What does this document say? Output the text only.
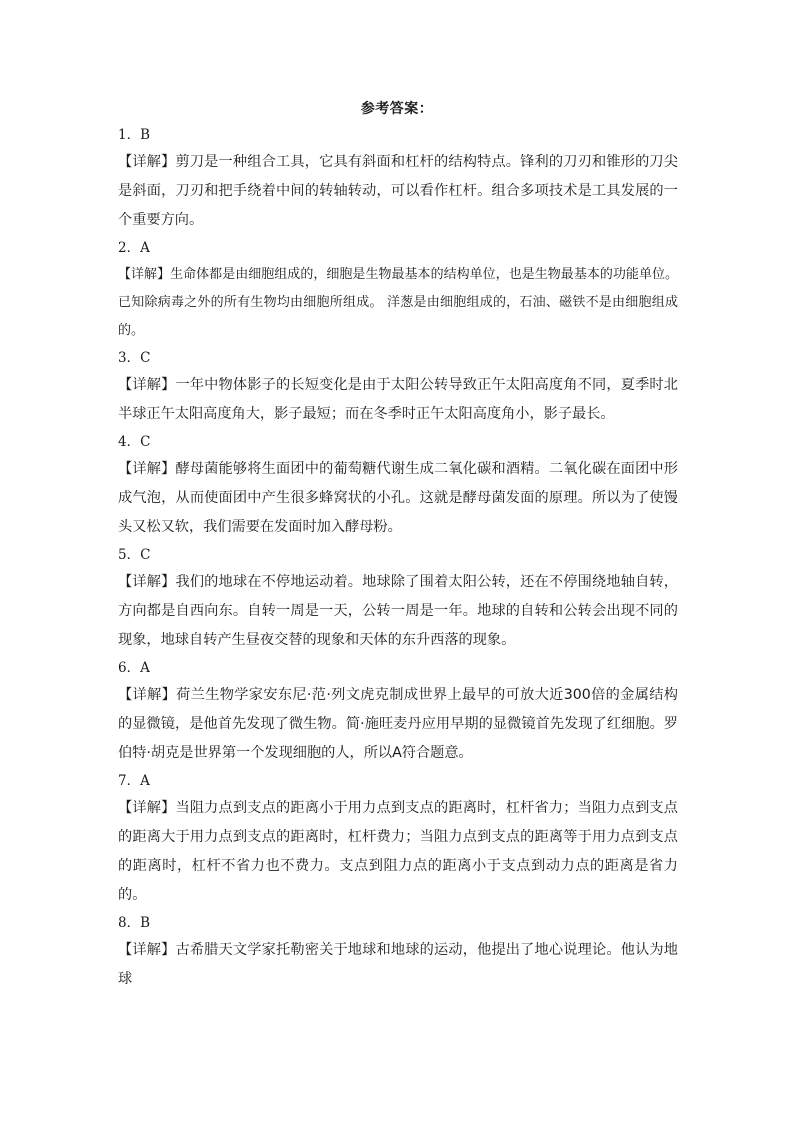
参考答案：

1．B

【详解】剪刀是一种组合工具，它具有斜面和杠杆的结构特点。锋利的刀刃和锥形的刀尖是斜面，刀刃和把手绕着中间的转轴转动，可以看作杠杆。组合多项技术是工具发展的一个重要方向。

2．A

【详解】生命体都是由细胞组成的，细胞是生物最基本的结构单位，也是生物最基本的功能单位。已知除病毒之外的所有生物均由细胞所组成。 洋葱是由细胞组成的，石油、磁铁不是由细胞组成的。

3．C

【详解】一年中物体影子的长短变化是由于太阳公转导致正午太阳高度角不同，夏季时北半球正午太阳高度角大，影子最短；而在冬季时正午太阳高度角小，影子最长。

4．C

【详解】酵母菌能够将生面团中的葡萄糖代谢生成二氧化碳和酒精。二氧化碳在面团中形成气泡，从而使面团中产生很多蜂窝状的小孔。这就是酵母菌发面的原理。所以为了使馒头又松又软，我们需要在发面时加入酵母粉。

5．C

【详解】我们的地球在不停地运动着。地球除了围着太阳公转，还在不停围绕地轴自转，方向都是自西向东。自转一周是一天，公转一周是一年。地球的自转和公转会出现不同的现象，地球自转产生昼夜交替的现象和天体的东升西落的现象。

6．A

【详解】荷兰生物学家安东尼·范·列文虎克制成世界上最早的可放大近300倍的金属结构的显微镜，是他首先发现了微生物。简·施旺麦丹应用早期的显微镜首先发现了红细胞。罗伯特·胡克是世界第一个发现细胞的人，所以A符合题意。

7．A

【详解】当阻力点到支点的距离小于用力点到支点的距离时，杠杆省力；当阻力点到支点的距离大于用力点到支点的距离时，杠杆费力；当阻力点到支点的距离等于用力点到支点的距离时，杠杆不省力也不费力。支点到阻力点的距离小于支点到动力点的距离是省力的。

8．B

【详解】古希腊天文学家托勒密关于地球和地球的运动，他提出了地心说理论。他认为地球
